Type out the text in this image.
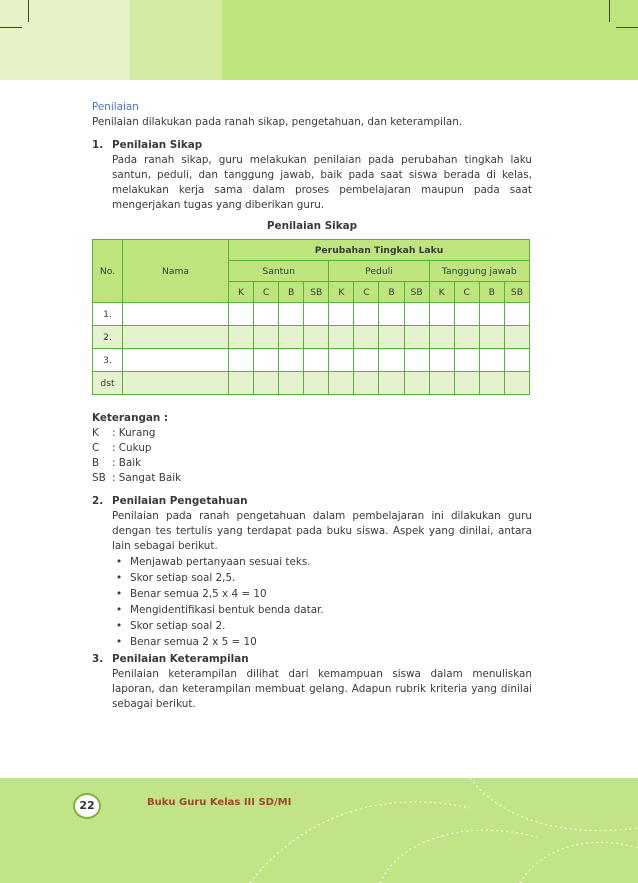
Penilaian

Penilaian dilakukan pada ranah sikap, pengetahuan, dan keterampilan.

1. Penilaian Sikap

Pada ranah sikap, guru melakukan penilaian pada perubahan tingkah laku santun, peduli, dan tanggung jawab, baik pada saat siswa berada di kelas, melakukan kerja sama dalam proses pembelajaran maupun pada saat mengerjakan tugas yang diberikan guru.

Penilaian Sikap
No.	Nama	Perubahan Tingkah Laku											
		Santun				Peduli				Tanggung jawab			
		K	C	B	SB	K	C	B	SB	K	C	B	SB
1.													
2.													
3.													
dst													

Keterangan :

K : Kurang

C : Cukup

B : Baik

SB : Sangat Baik

2. Penilaian Pengetahuan

Penilaian pada ranah pengetahuan dalam pembelajaran ini dilakukan guru dengan tes tertulis yang terdapat pada buku siswa. Aspek yang dinilai, antara lain sebagai berikut.

• Menjawab pertanyaan sesuai teks.
• Skor setiap soal 2,5.
• Benar semua 2,5 x 4 = 10
• Mengidentifikasi bentuk benda datar.
• Skor setiap soal 2.
• Benar semua 2 x 5 = 10
3. Penilaian Keterampilan

Penilaian keterampilan dilihat dari kemampuan siswa dalam menuliskan laporan, dan keterampilan membuat gelang. Adapun rubrik kriteria yang dinilai sebagai berikut.

22	Buku Guru Kelas III SD/MI
